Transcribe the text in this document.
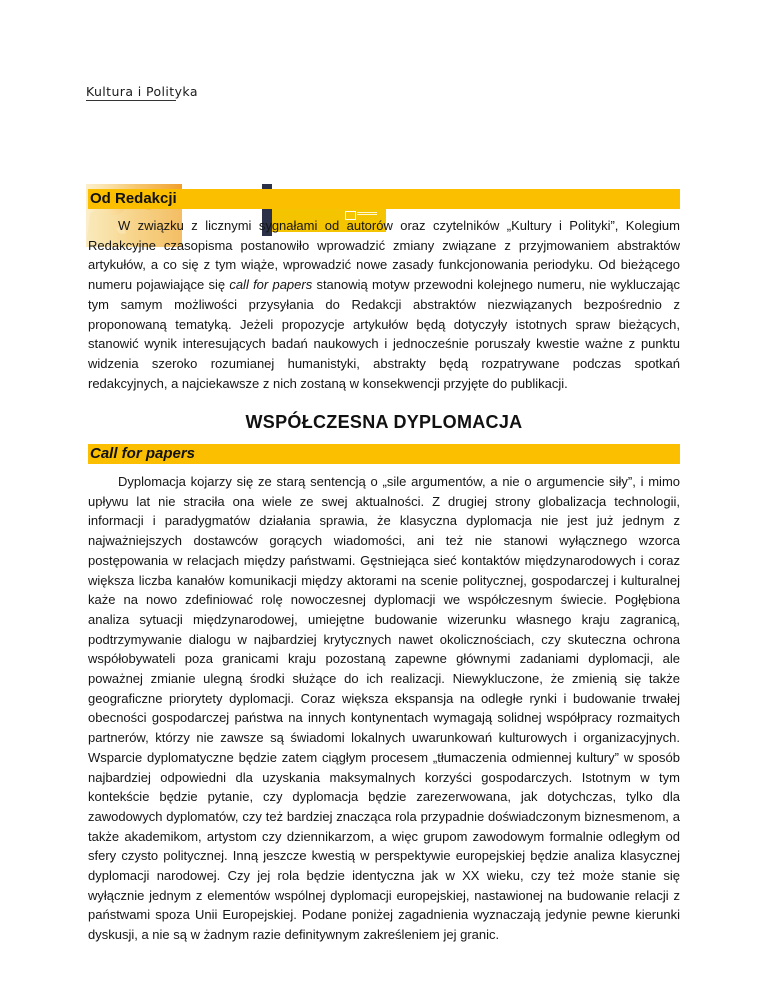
Kultura i Polityka
Od Redakcji

W związku z licznymi sygnałami od autorów oraz czytelników „Kultury i Polityki”, Kolegium Redakcyjne czasopisma postanowiło wprowadzić zmiany związane z przyjmowaniem abstraktów artykułów, a co się z tym wiąże, wprowadzić nowe zasady funkcjonowania periodyku. Od bieżącego numeru pojawiające się call for papers stanowią motyw przewodni kolejnego numeru, nie wykluczając tym samym możliwości przysyłania do Redakcji abstraktów niezwiązanych bezpośrednio z proponowaną tematyką. Jeżeli propozycje artykułów będą dotyczyły istotnych spraw bieżących, stanowić wynik interesujących badań naukowych i jednocześnie poruszały kwestie ważne z punktu widzenia szeroko rozumianej humanistyki, abstrakty będą rozpatrywane podczas spotkań redakcyjnych, a najciekawsze z nich zostaną w konsekwencji przyjęte do publikacji.

WSPÓŁCZESNA DYPLOMACJA
Call for papers

Dyplomacja kojarzy się ze starą sentencją o „sile argumentów, a nie o argumencie siły”, i mimo upływu lat nie straciła ona wiele ze swej aktualności. Z drugiej strony globalizacja technologii, informacji i paradygmatów działania sprawia, że klasyczna dyplomacja nie jest już jednym z najważniejszych dostawców gorących wiadomości, ani też nie stanowi wyłącznego wzorca postępowania w relacjach między państwami. Gęstniejąca sieć kontaktów międzynarodowych i coraz większa liczba kanałów komunikacji między aktorami na scenie politycznej, gospodarczej i kulturalnej każe na nowo zdefiniować rolę nowoczesnej dyplomacji we współczesnym świecie. Pogłębiona analiza sytuacji międzynarodowej, umiejętne budowanie wizerunku własnego kraju zagranicą, podtrzymywanie dialogu w najbardziej krytycznych nawet okolicznościach, czy skuteczna ochrona współobywateli poza granicami kraju pozostaną zapewne głównymi zadaniami dyplomacji, ale poważnej zmianie ulegną środki służące do ich realizacji. Niewykluczone, że zmienią się także geograficzne priorytety dyplomacji. Coraz większa ekspansja na odległe rynki i budowanie trwałej obecności gospodarczej państwa na innych kontynentach wymagają solidnej współpracy rozmaitych partnerów, którzy nie zawsze są świadomi lokalnych uwarunkowań kulturowych i organizacyjnych. Wsparcie dyplomatyczne będzie zatem ciągłym procesem „tłumaczenia odmiennej kultury” w sposób najbardziej odpowiedni dla uzyskania maksymalnych korzyści gospodarczych. Istotnym w tym kontekście będzie pytanie, czy dyplomacja będzie zarezerwowana, jak dotychczas, tylko dla zawodowych dyplomatów, czy też bardziej znacząca rola przypadnie doświadczonym biznesmenom, a także akademikom, artystom czy dziennikarzom, a więc grupom zawodowym formalnie odległym od sfery czysto politycznej. Inną jeszcze kwestią w perspektywie europejskiej będzie analiza klasycznej dyplomacji narodowej. Czy jej rola będzie identyczna jak w XX wieku, czy też może stanie się wyłącznie jednym z elementów wspólnej dyplomacji europejskiej, nastawionej na budowanie relacji z państwami spoza Unii Europejskiej. Podane poniżej zagadnienia wyznaczają jedynie pewne kierunki dyskusji, a nie są w żadnym razie definitywnym zakreśleniem jej granic.
